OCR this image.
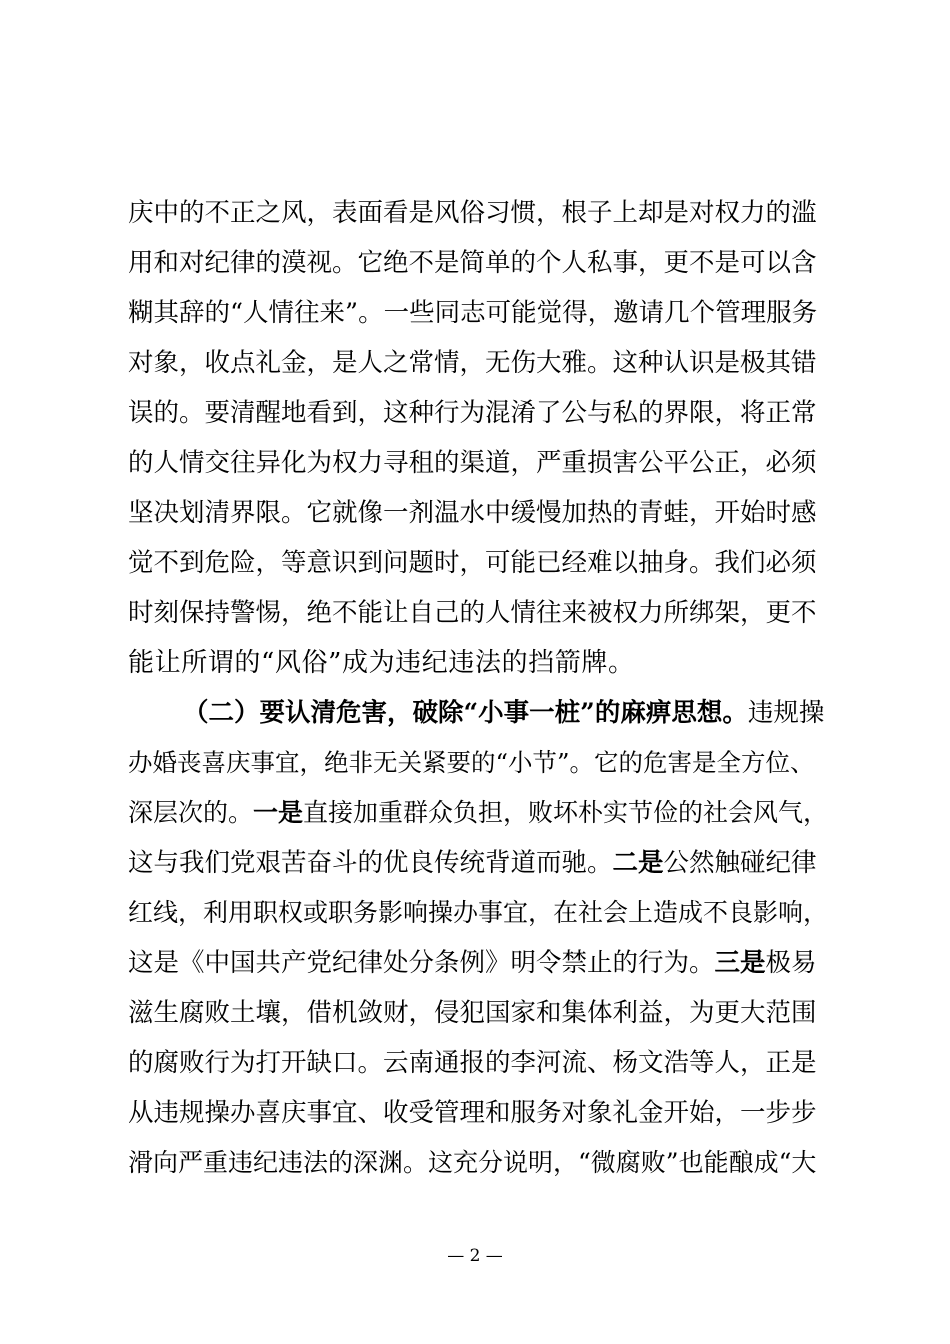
庆中的不正之风，表面看是风俗习惯，根子上却是对权力的滥
用和对纪律的漠视。它绝不是简单的个人私事，更不是可以含
糊其辞的“人情往来”。一些同志可能觉得，邀请几个管理服务
对象，收点礼金，是人之常情，无伤大雅。这种认识是极其错
误的。要清醒地看到，这种行为混淆了公与私的界限，将正常
的人情交往异化为权力寻租的渠道，严重损害公平公正，必须
坚决划清界限。它就像一剂温水中缓慢加热的青蛙，开始时感
觉不到危险，等意识到问题时，可能已经难以抽身。我们必须
时刻保持警惕，绝不能让自己的人情往来被权力所绑架，更不
能让所谓的“风俗”成为违纪违法的挡箭牌。
（二）要认清危害，破除“小事一桩”的麻痹思想。违规操
办婚丧喜庆事宜，绝非无关紧要的“小节”。它的危害是全方位、
深层次的。一是直接加重群众负担，败坏朴实节俭的社会风气，
这与我们党艰苦奋斗的优良传统背道而驰。二是公然触碰纪律
红线，利用职权或职务影响操办事宜，在社会上造成不良影响，
这是《中国共产党纪律处分条例》明令禁止的行为。三是极易
滋生腐败土壤，借机敛财，侵犯国家和集体利益，为更大范围
的腐败行为打开缺口。云南通报的李河流、杨文浩等人，正是
从违规操办喜庆事宜、收受管理和服务对象礼金开始，一步步
滑向严重违纪违法的深渊。这充分说明，“微腐败”也能酿成“大
— 2 —
